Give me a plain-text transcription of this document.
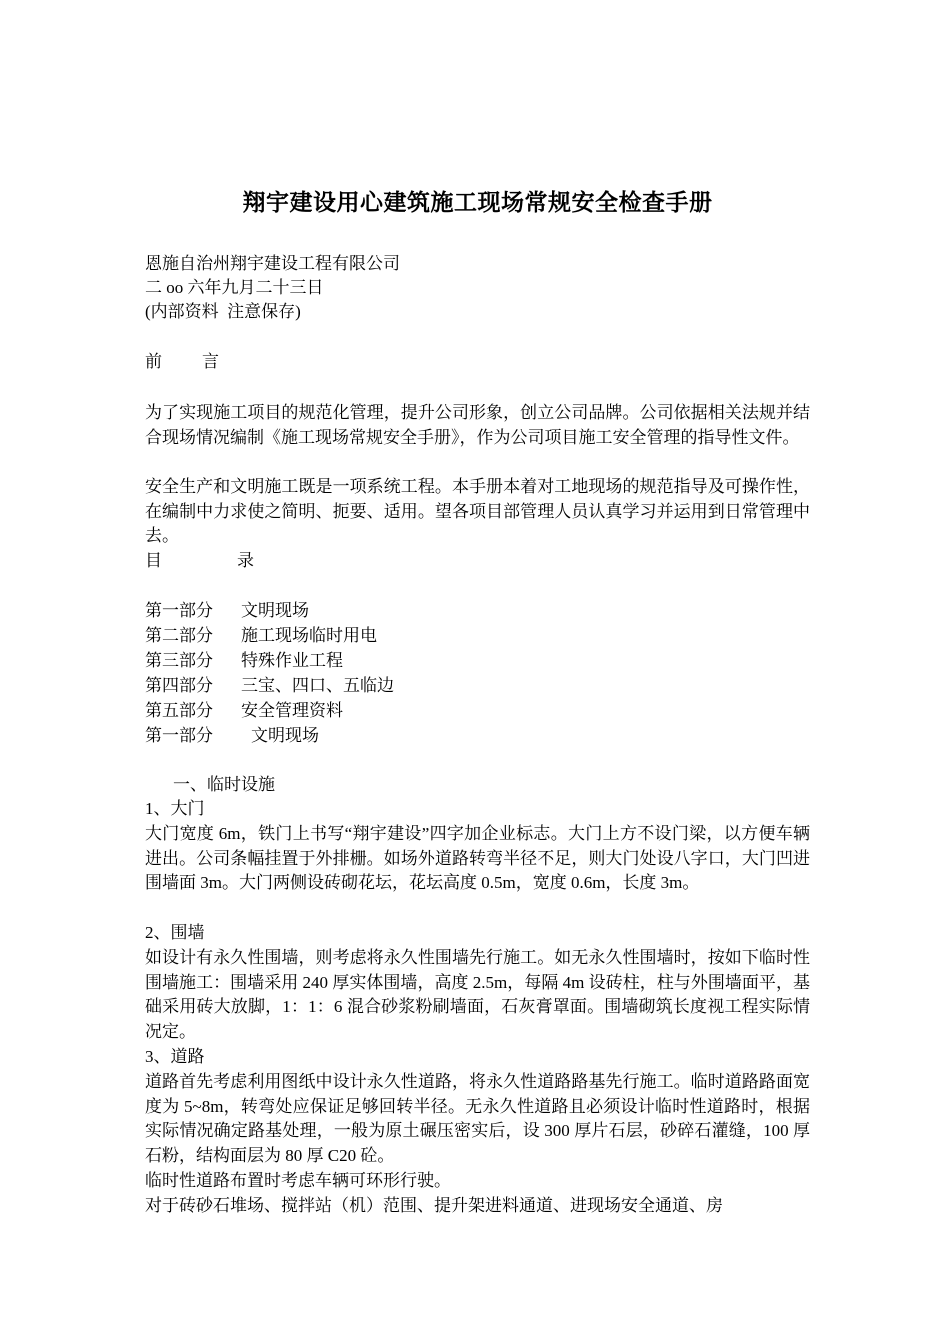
翔宇建设用心建筑施工现场常规安全检查手册
恩施自治州翔宇建设工程有限公司
二 oo 六年九月二十三日
(内部资料  注意保存)
前 言
为了实现施工项目的规范化管理，提升公司形象，创立公司品牌。公司依据相关法规并结合现场情况编制《施工现场常规安全手册》，作为公司项目施工安全管理的指导性文件。
安全生产和文明施工既是一项系统工程。本手册本着对工地现场的规范指导及可操作性，在编制中力求使之简明、扼要、适用。望各项目部管理人员认真学习并运用到日常管理中去。
目	录
第一部分 文明现场
第二部分 施工现场临时用电
第三部分 特殊作业工程
第四部分 三宝、四口、五临边
第五部分 安全管理资料
第一部分 文明现场
一、临时设施
1、大门
大门宽度 6m，铁门上书写“翔宇建设”四字加企业标志。大门上方不设门梁，以方便车辆进出。公司条幅挂置于外排栅。如场外道路转弯半径不足，则大门处设八字口，大门凹进围墙面 3m。大门两侧设砖砌花坛，花坛高度 0.5m，宽度 0.6m，长度 3m。
2、围墙
如设计有永久性围墙，则考虑将永久性围墙先行施工。如无永久性围墙时，按如下临时性围墙施工：围墙采用 240 厚实体围墙，高度 2.5m，每隔 4m 设砖柱，柱与外围墙面平，基础采用砖大放脚，1：1：6 混合砂浆粉刷墙面，石灰膏罩面。围墙砌筑长度视工程实际情况定。
3、道路
道路首先考虑利用图纸中设计永久性道路，将永久性道路路基先行施工。临时道路路面宽度为 5~8m，转弯处应保证足够回转半径。无永久性道路且必须设计临时性道路时，根据实际情况确定路基处理，一般为原土碾压密实后，设 300 厚片石层，砂碎石灌缝，100 厚石粉，结构面层为 80 厚 C20 砼。
临时性道路布置时考虑车辆可环形行驶。
对于砖砂石堆场、搅拌站（机）范围、提升架进料通道、进现场安全通道、房
